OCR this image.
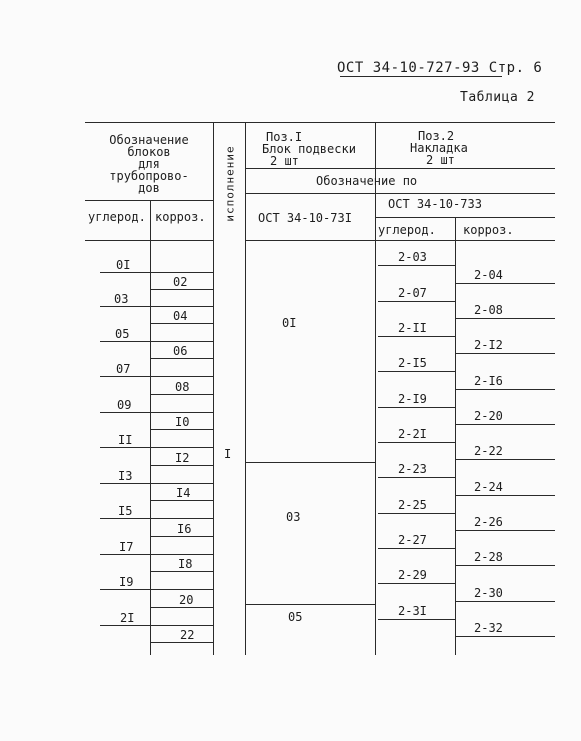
ОСТ 34-10-727-93 Стр. 6
Таблица 2
Обозначение
блоков
для
трубопрово-
дов
углерод. корроз. исполнение
Поз.I
Блок подвески
2 шт
Поз.2
Накладка
2 шт
Обозначение по
ОСТ 34-10-73I
ОСТ 34-10-733
углерод. корроз.
0I
03
05
07
09
II
I3
I5
I7
I9
2I
02
04
06
08
I0
I2
I4
I6
I8
20
22
I
0I
03
05
2-03
2-07
2-II
2-I5
2-I9
2-2I
2-23
2-25
2-27
2-29
2-3I
2-04
2-08
2-I2
2-I6
2-20
2-22
2-24
2-26
2-28
2-30
2-32
